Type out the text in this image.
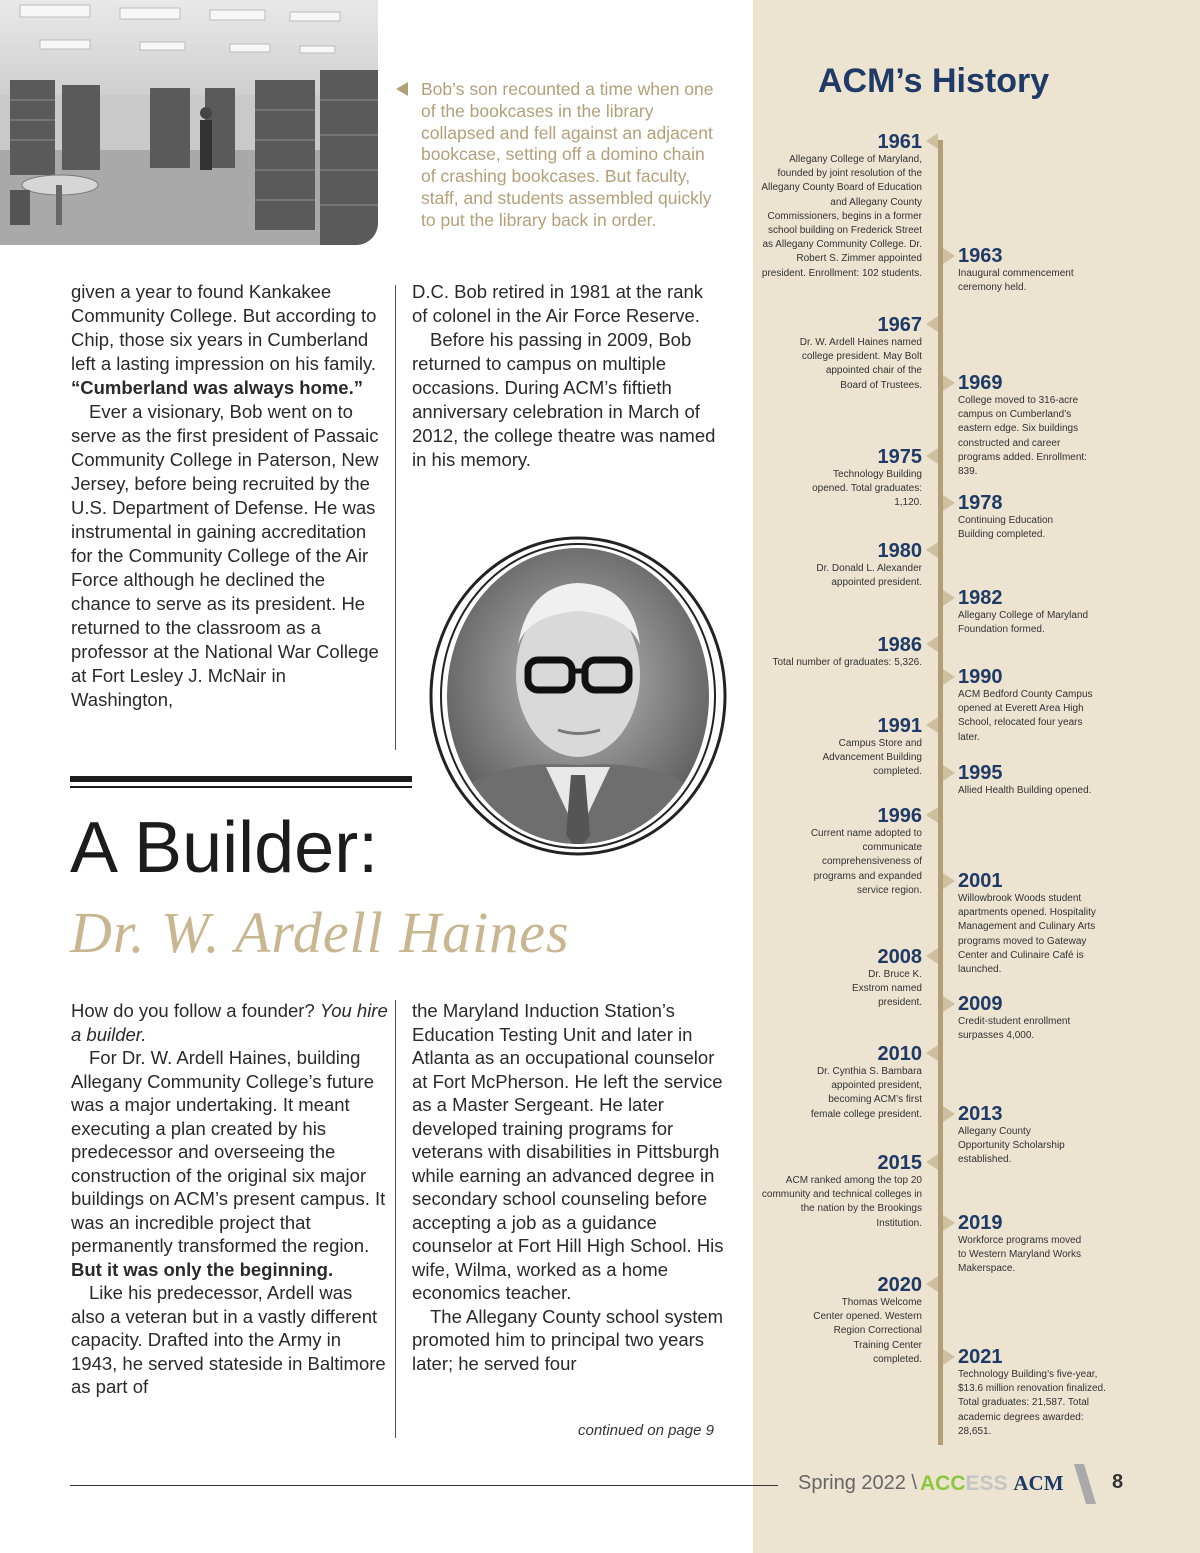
ACM’s History
1961
Allegany College of Maryland, founded by joint resolution of the Allegany County Board of Education and Allegany County Commissioners, begins in a former school building on Frederick Street as Allegany Community College. Dr. Robert S. Zimmer appointed president. Enrollment: 102 students.
1963
Inaugural commencement ceremony held.
1967
Dr. W. Ardell Haines named college president. May Bolt appointed chair of the Board of Trustees. 1969
College moved to 316-acre campus on Cumberland’s eastern edge. Six buildings constructed and career programs added. Enrollment: 839.
1975
Technology Building opened. Total graduates: 1,120. 1978
Continuing Education Building completed.
1980
Dr. Donald L. Alexander appointed president.
1982
Allegany College of Maryland Foundation formed.
1986
Total number of graduates: 5,326.
1990
ACM Bedford County Campus opened at Everett Area High School, relocated four years later.
1991
Campus Store and Advancement Building completed. 1995
Allied Health Building opened.
1996
Current name adopted to communicate comprehensiveness of programs and expanded service region. 2001
Willowbrook Woods student apartments opened. Hospitality Management and Culinary Arts programs moved to Gateway Center and Culinaire Café is launched.
2008
Dr. Bruce K. Exstrom named president. 2009
Credit-student enrollment surpasses 4,000.
2010
Dr. Cynthia S. Bambara appointed president, becoming ACM’s first female college president. 2013
Allegany County Opportunity Scholarship established.
2015
ACM ranked among the top 20 community and technical colleges in the nation by the Brookings Institution. 2019
Workforce programs moved to Western Maryland Works Makerspace.
2020
Thomas Welcome Center opened. Western Region Correctional Training Center completed. 2021
Technology Building’s five-year, $13.6 million renovation finalized. Total graduates: 21,587. Total academic degrees awarded: 28,651.
Bob’s son recounted a time when one of the bookcases in the library collapsed and fell against an adjacent bookcase, setting off a domino chain of crashing bookcases. But faculty, staff, and students assembled quickly to put the library back in order.

given a year to found Kankakee Community College. But according to Chip, those six years in Cumberland left a lasting impression on his family. “Cumberland was always home.”

Ever a visionary, Bob went on to serve as the first president of Passaic Community College in Paterson, New Jersey, before being recruited by the U.S. Department of Defense. He was instrumental in gaining accreditation for the Community College of the Air Force although he declined the chance to serve as its president. He returned to the classroom as a professor at the National War College at Fort Lesley J. McNair in Washington,

D.C. Bob retired in 1981 at the rank of colonel in the Air Force Reserve.

Before his passing in 2009, Bob returned to campus on multiple occasions. During ACM’s fiftieth anniversary celebration in March of 2012, the college theatre was named in his memory.

A Builder:
Dr. W. Ardell Haines

How do you follow a founder? You hire a builder.

For Dr. W. Ardell Haines, building Allegany Community College’s future was a major undertaking. It meant executing a plan created by his predecessor and overseeing the construction of the original six major buildings on ACM’s present campus. It was an incredible project that permanently transformed the region. But it was only the beginning.

Like his predecessor, Ardell was also a veteran but in a vastly different capacity. Drafted into the Army in 1943, he served stateside in Baltimore as part of

the Maryland Induction Station’s Education Testing Unit and later in Atlanta as an occupational counselor at Fort McPherson. He left the service as a Master Sergeant. He later developed training programs for veterans with disabilities in Pittsburgh while earning an advanced degree in secondary school counseling before accepting a job as a guidance counselor at Fort Hill High School. His wife, Wilma, worked as a home economics teacher.

The Allegany County school system promoted him to principal two years later; he served four

continued on page 9
Spring 2022 \ ACCESS ACM 8
